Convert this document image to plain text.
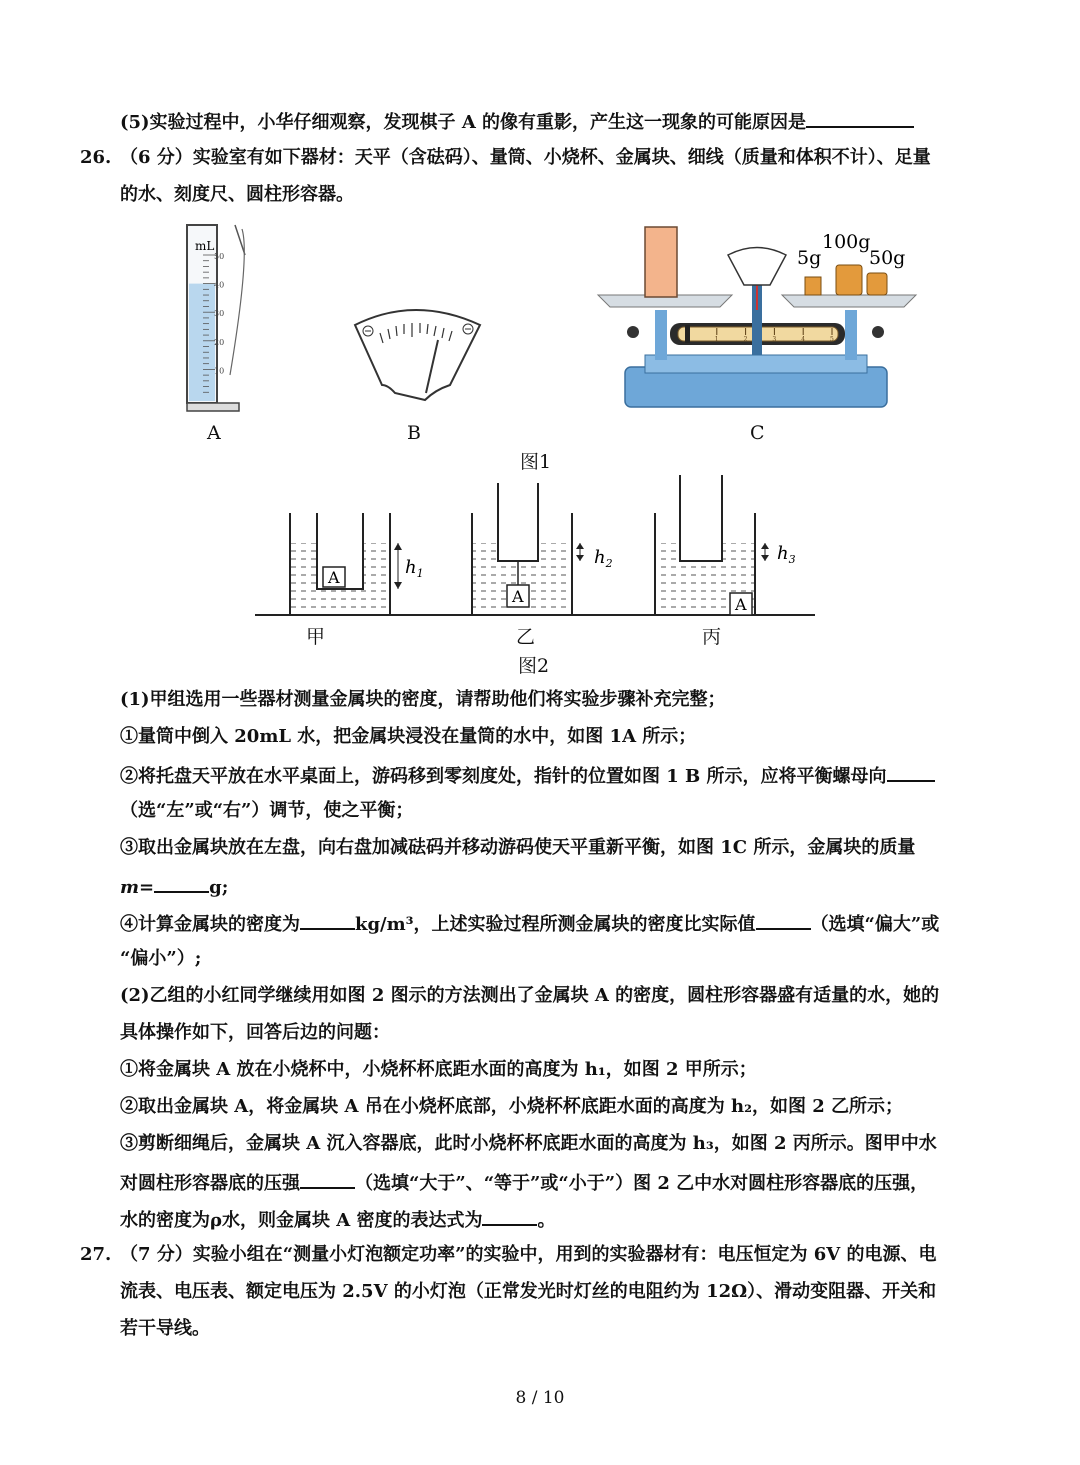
(5)实验过程中，小华仔细观察，发现棋子 A 的像有重影，产生这一现象的可能原因是
26. （6 分）实验室有如下器材：天平（含砝码）、量筒、小烧杯、金属块、细线（质量和体积不计）、足量
的水、刻度尺、圆柱形容器。
mL
50
40
30
20
10
1	2	3	4	5
5g
100g
50g
A	B	C
图1
A	$h_1$
A
$h_2$
A
$h_3$
甲	乙	丙
图2
(1)甲组选用一些器材测量金属块的密度，请帮助他们将实验步骤补充完整；
①量筒中倒入 20mL 水，把金属块浸没在量筒的水中，如图 1A 所示；
②将托盘天平放在水平桌面上，游码移到零刻度处，指针的位置如图 1 B 所示，应将平衡螺母向
（选“左”或“右”）调节，使之平衡；
③取出金属块放在左盘，向右盘加减砝码并移动游码使天平重新平衡，如图 1C 所示，金属块的质量
m=	g;
④计算金属块的密度为	kg/m³，上述实验过程所测金属块的密度比实际值	（选填“偏大”或
“偏小”）;
(2)乙组的小红同学继续用如图 2 图示的方法测出了金属块 A 的密度，圆柱形容器盛有适量的水，她的
具体操作如下，回答后边的问题：
①将金属块 A 放在小烧杯中，小烧杯杯底距水面的高度为 h₁，如图 2 甲所示；
②取出金属块 A，将金属块 A 吊在小烧杯底部，小烧杯杯底距水面的高度为 h₂，如图 2 乙所示；
③剪断细绳后，金属块 A 沉入容器底，此时小烧杯杯底距水面的高度为 h₃，如图 2 丙所示。图甲中水
对圆柱形容器底的压强	（选填“大于”、“等于”或“小于”）图 2 乙中水对圆柱形容器底的压强，
水的密度为ρ水，则金属块 A 密度的表达式为	。
27. （7 分）实验小组在“测量小灯泡额定功率”的实验中，用到的实验器材有：电压恒定为 6V 的电源、电
流表、电压表、额定电压为 2.5V 的小灯泡（正常发光时灯丝的电阻约为 12Ω）、滑动变阻器、开关和
若干导线。
8 / 10
